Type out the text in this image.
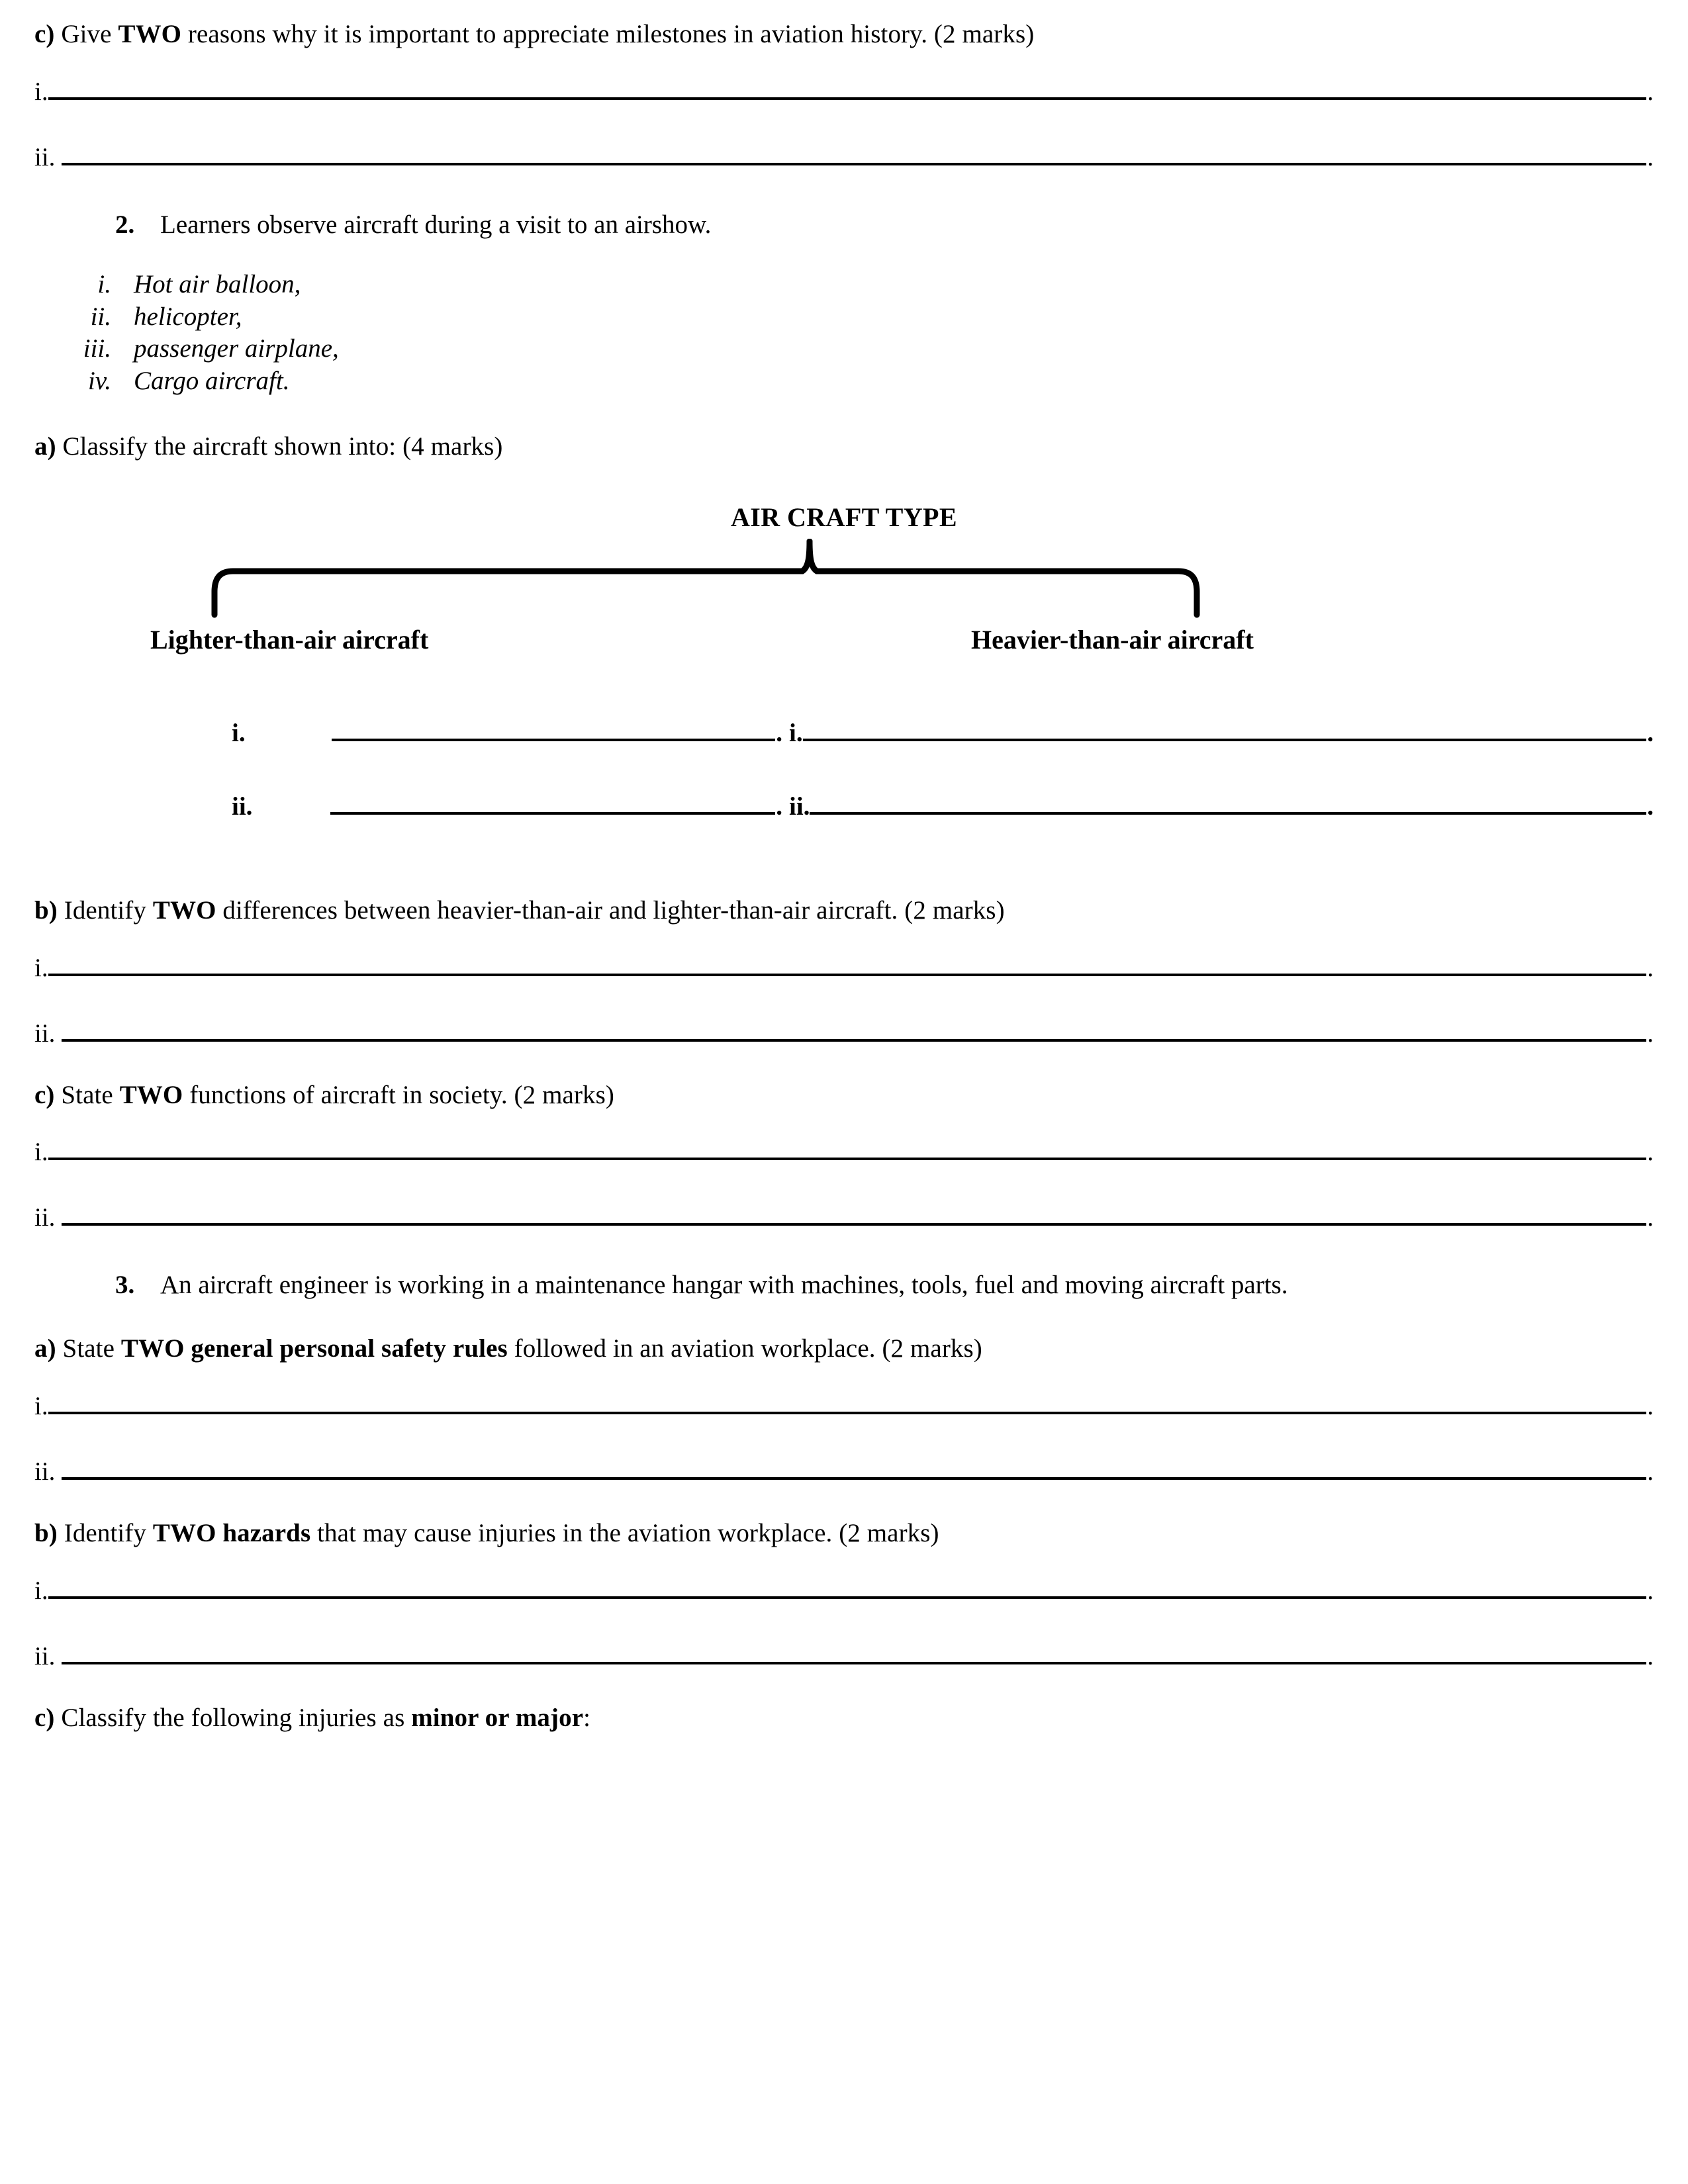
c) Give TWO reasons why it is important to appreciate milestones in aviation history. (2 marks)
i.	.
ii.
	.
2. Learners observe aircraft during a visit to an airshow.
i. Hot air balloon,
ii. helicopter,
iii. passenger airplane,
iv. Cargo aircraft.
a) Classify the aircraft shown into: (4 marks)
AIR CRAFT TYPE
Lighter-than-air aircraft	Heavier-than-air aircraft
i.	. i.	.
ii.	. ii.	.
b) Identify TWO differences between heavier-than-air and lighter-than-air aircraft. (2 marks)
i.	.
ii.
	.
c) State TWO functions of aircraft in society. (2 marks)
i.	.
ii.
	.
3. An aircraft engineer is working in a maintenance hangar with machines, tools, fuel and moving aircraft parts.
a) State TWO general personal safety rules followed in an aviation workplace. (2 marks)
i.	.
ii.
	.
b) Identify TWO hazards that may cause injuries in the aviation workplace. (2 marks)
i.	.
ii.
	.
c) Classify the following injuries as minor or major:
